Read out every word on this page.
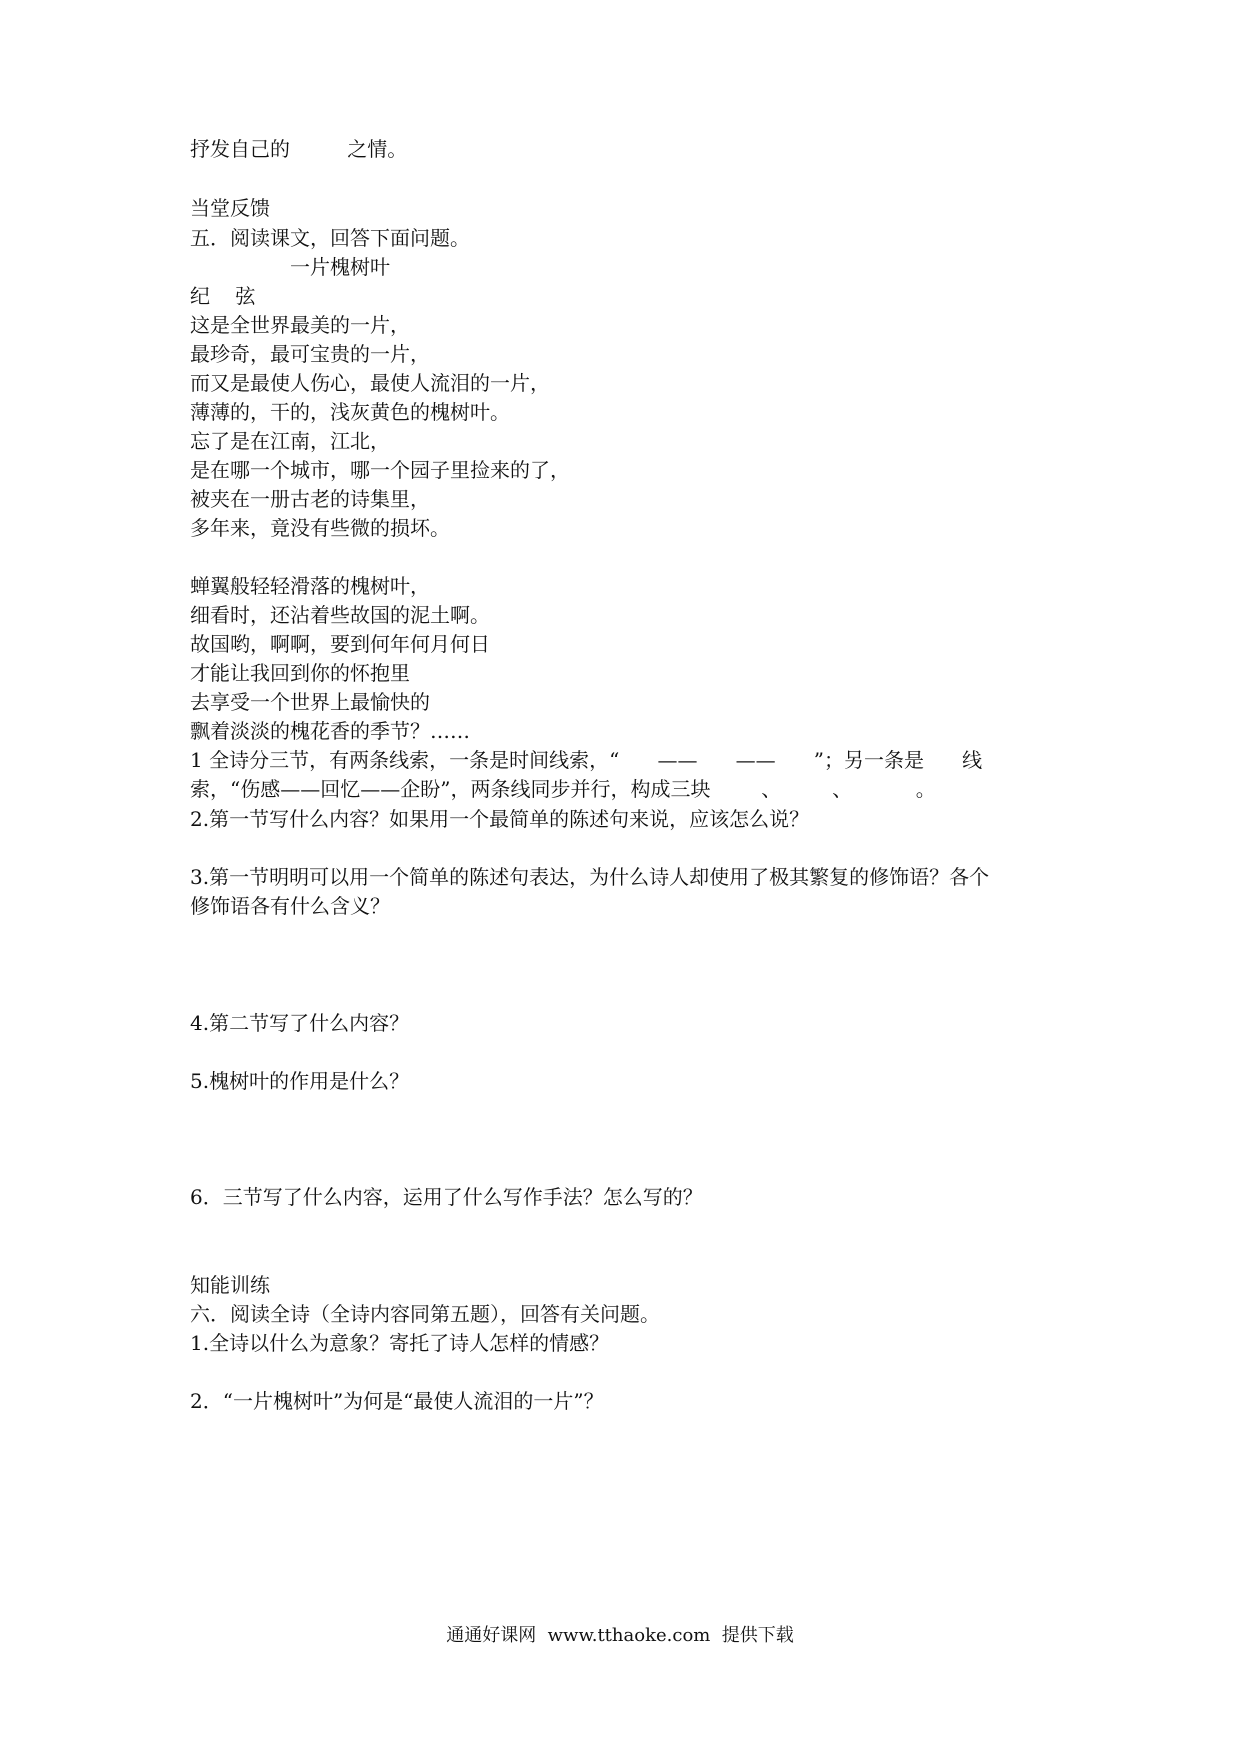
抒发自己的         之情。
当堂反馈
五．阅读课文，回答下面问题。
一片槐树叶
纪    弦
这是全世界最美的一片，
最珍奇，最可宝贵的一片，
而又是最使人伤心，最使人流泪的一片，
薄薄的，干的，浅灰黄色的槐树叶。
忘了是在江南，江北，
是在哪一个城市，哪一个园子里捡来的了，
被夹在一册古老的诗集里，
多年来，竟没有些微的损坏。
蝉翼般轻轻滑落的槐树叶，
细看时，还沾着些故国的泥土啊。
故国哟，啊啊，要到何年何月何日
才能让我回到你的怀抱里
去享受一个世界上最愉快的
飘着淡淡的槐花香的季节？……
1 全诗分三节，有两条线索，一条是时间线索，“      ——      ——      ”；另一条是      线
索，“伤感——回忆——企盼”，两条线同步并行，构成三块        、        、          。
2.第一节写什么内容？如果用一个最简单的陈述句来说，应该怎么说？
3.第一节明明可以用一个简单的陈述句表达，为什么诗人却使用了极其繁复的修饰语？各个
修饰语各有什么含义？
4.第二节写了什么内容？
5.槐树叶的作用是什么？
6．三节写了什么内容，运用了什么写作手法？怎么写的？
知能训练
六．阅读全诗（全诗内容同第五题），回答有关问题。
1.全诗以什么为意象？寄托了诗人怎样的情感？
2．“一片槐树叶”为何是“最使人流泪的一片”？
通通好课网  www.tthaoke.com  提供下载
